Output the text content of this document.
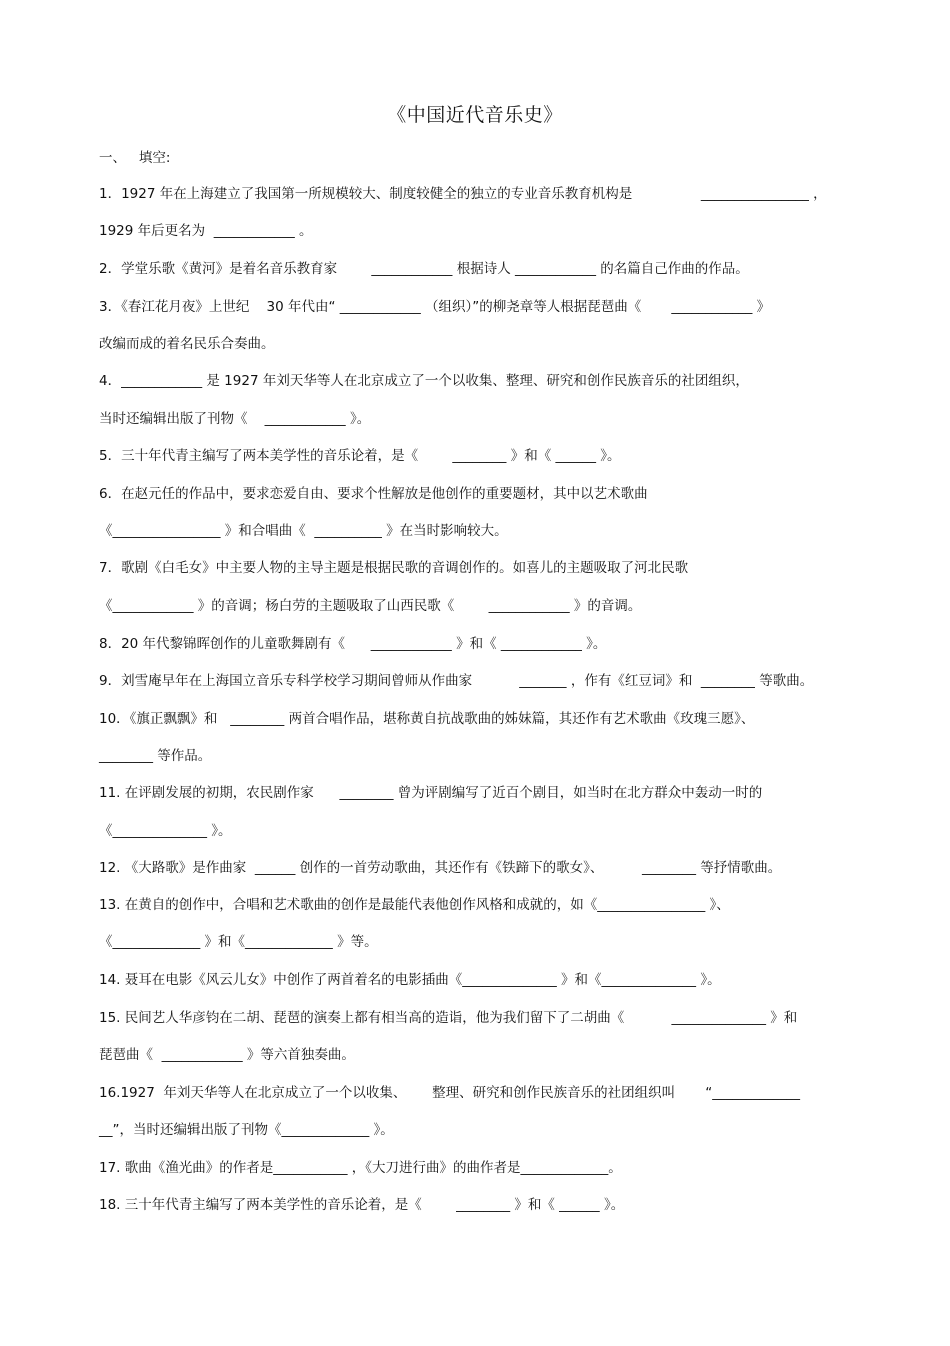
《中国近代音乐史》
一、   填空:
1．1927 年在上海建立了我国第一所规模较大、制度较健全的独立的专业音乐教育机构是                ________________ ，
1929 年后更名为  ____________ 。
2．学堂乐歌《黄河》是着名音乐教育家        ____________ 根据诗人 ____________ 的名篇自己作曲的作品。
3．《春江花月夜》上世纪    30 年代由“ ____________ （组织）”的柳尧章等人根据琵琶曲《       ____________ 》
改编而成的着名民乐合奏曲。
4．____________ 是 1927 年刘天华等人在北京成立了一个以收集、整理、研究和创作民族音乐的社团组织，
当时还编辑出版了刊物《    ____________ 》。
5．三十年代青主编写了两本美学性的音乐论着，是《        ________ 》和《 ______ 》。
6．在赵元任的作品中，要求恋爱自由、要求个性解放是他创作的重要题材，其中以艺术歌曲
《________________ 》和合唱曲《  __________ 》在当时影响较大。
7．歌剧《白毛女》中主要人物的主导主题是根据民歌的音调创作的。如喜儿的主题吸取了河北民歌
《____________ 》的音调；杨白劳的主题吸取了山西民歌《        ____________ 》的音调。
8．20 年代黎锦晖创作的儿童歌舞剧有《      ____________ 》和《 ____________ 》。
9．刘雪庵早年在上海国立音乐专科学校学习期间曾师从作曲家           _______ ，作有《红豆词》和  ________ 等歌曲。
10．《旗正飘飘》和   ________ 两首合唱作品，堪称黄自抗战歌曲的姊妹篇，其还作有艺术歌曲《玫瑰三愿》、
________ 等作品。
11. 在评剧发展的初期，农民剧作家      ________ 曾为评剧编写了近百个剧目，如当时在北方群众中轰动一时的
《______________ 》。
12. 《大路歌》是作曲家  ______ 创作的一首劳动歌曲，其还作有《铁蹄下的歌女》、         ________ 等抒情歌曲。
13. 在黄自的创作中，合唱和艺术歌曲的创作是最能代表他创作风格和成就的，如《________________ 》、
《_____________ 》和《_____________ 》等。
14. 聂耳在电影《风云儿女》中创作了两首着名的电影插曲《______________ 》和《______________ 》。
15. 民间艺人华彦钧在二胡、琵琶的演奏上都有相当高的造诣，他为我们留下了二胡曲《           ______________ 》和
琵琶曲《  ____________ 》等六首独奏曲。
16.1927  年刘天华等人在北京成立了一个以收集、      整理、研究和创作民族音乐的社团组织叫       “_____________
__”，当时还编辑出版了刊物《_____________ 》。
17. 歌曲《渔光曲》的作者是___________ ，《大刀进行曲》的曲作者是_____________。
18. 三十年代青主编写了两本美学性的音乐论着，是《        ________ 》和《 ______ 》。
